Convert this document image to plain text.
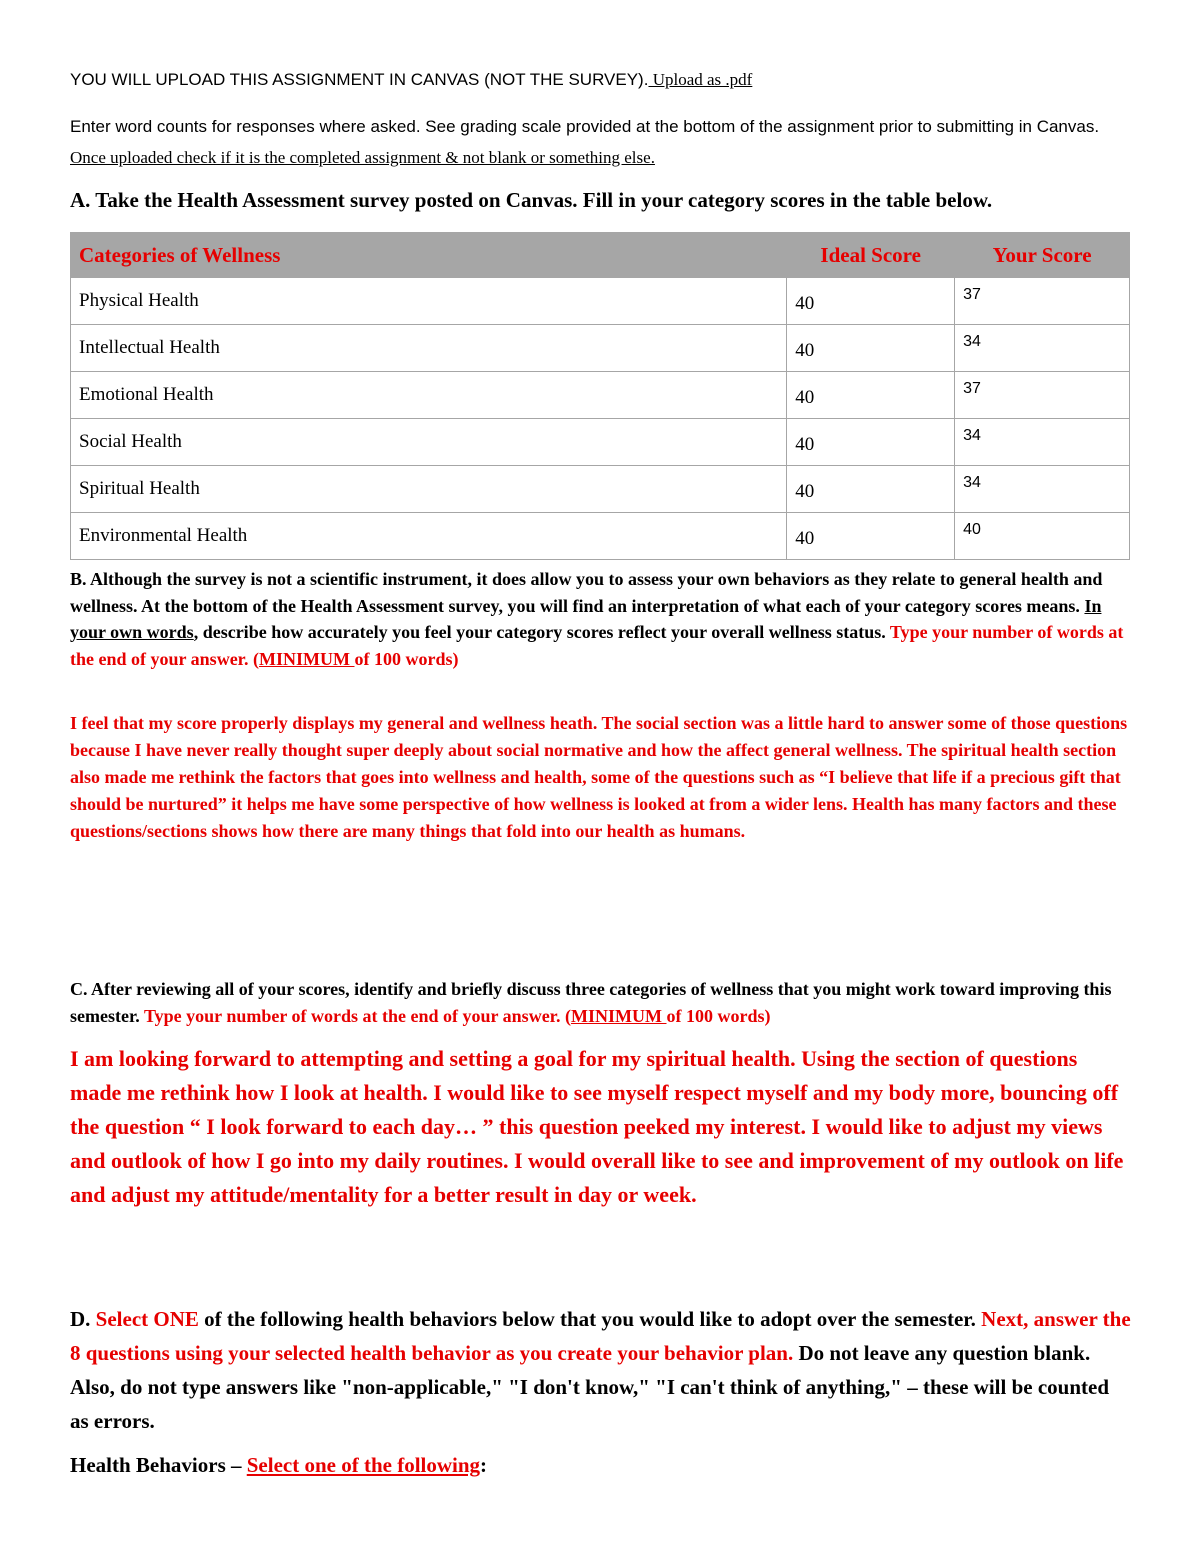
YOU WILL UPLOAD THIS ASSIGNMENT IN CANVAS (NOT THE SURVEY). Upload as .pdf
Enter word counts for responses where asked. See grading scale provided at the bottom of the assignment prior to submitting in Canvas. Once uploaded check if it is the completed assignment & not blank or something else.
A. Take the Health Assessment survey posted on Canvas. Fill in your category scores in the table below.
Categories of Wellness	Ideal Score	Your Score
Physical Health	40	37
Intellectual Health	40	34
Emotional Health	40	37
Social Health	40	34
Spiritual Health	40	34
Environmental Health	40	40
B. Although the survey is not a scientific instrument, it does allow you to assess your own behaviors as they relate to general health and wellness. At the bottom of the Health Assessment survey, you will find an interpretation of what each of your category scores means. In your own words, describe how accurately you feel your category scores reflect your overall wellness status. Type your number of words at the end of your answer. (MINIMUM of 100 words)
I feel that my score properly displays my general and wellness heath. The social section was a little hard to answer some of those questions because I have never really thought super deeply about social normative and how the affect general wellness. The spiritual health section also made me rethink the factors that goes into wellness and health, some of the questions such as “I believe that life if a precious gift that should be nurtured” it helps me have some perspective of how wellness is looked at from a wider lens. Health has many factors and these questions/sections shows how there are many things that fold into our health as humans.
C. After reviewing all of your scores, identify and briefly discuss three categories of wellness that you might work toward improving this semester. Type your number of words at the end of your answer. (MINIMUM of 100 words)
I am looking forward to attempting and setting a goal for my spiritual health. Using the section of questions made me rethink how I look at health. I would like to see myself respect myself and my body more, bouncing off the question “ I look forward to each day… ” this question peeked my interest. I would like to adjust my views and outlook of how I go into my daily routines. I would overall like to see and improvement of my outlook on life and adjust my attitude/mentality for a better result in day or week.
D. Select ONE of the following health behaviors below that you would like to adopt over the semester. Next, answer the 8 questions using your selected health behavior as you create your behavior plan. Do not leave any question blank. Also, do not type answers like "non-applicable," "I don't know," "I can't think of anything," – these will be counted as errors.
Health Behaviors – Select one of the following:
